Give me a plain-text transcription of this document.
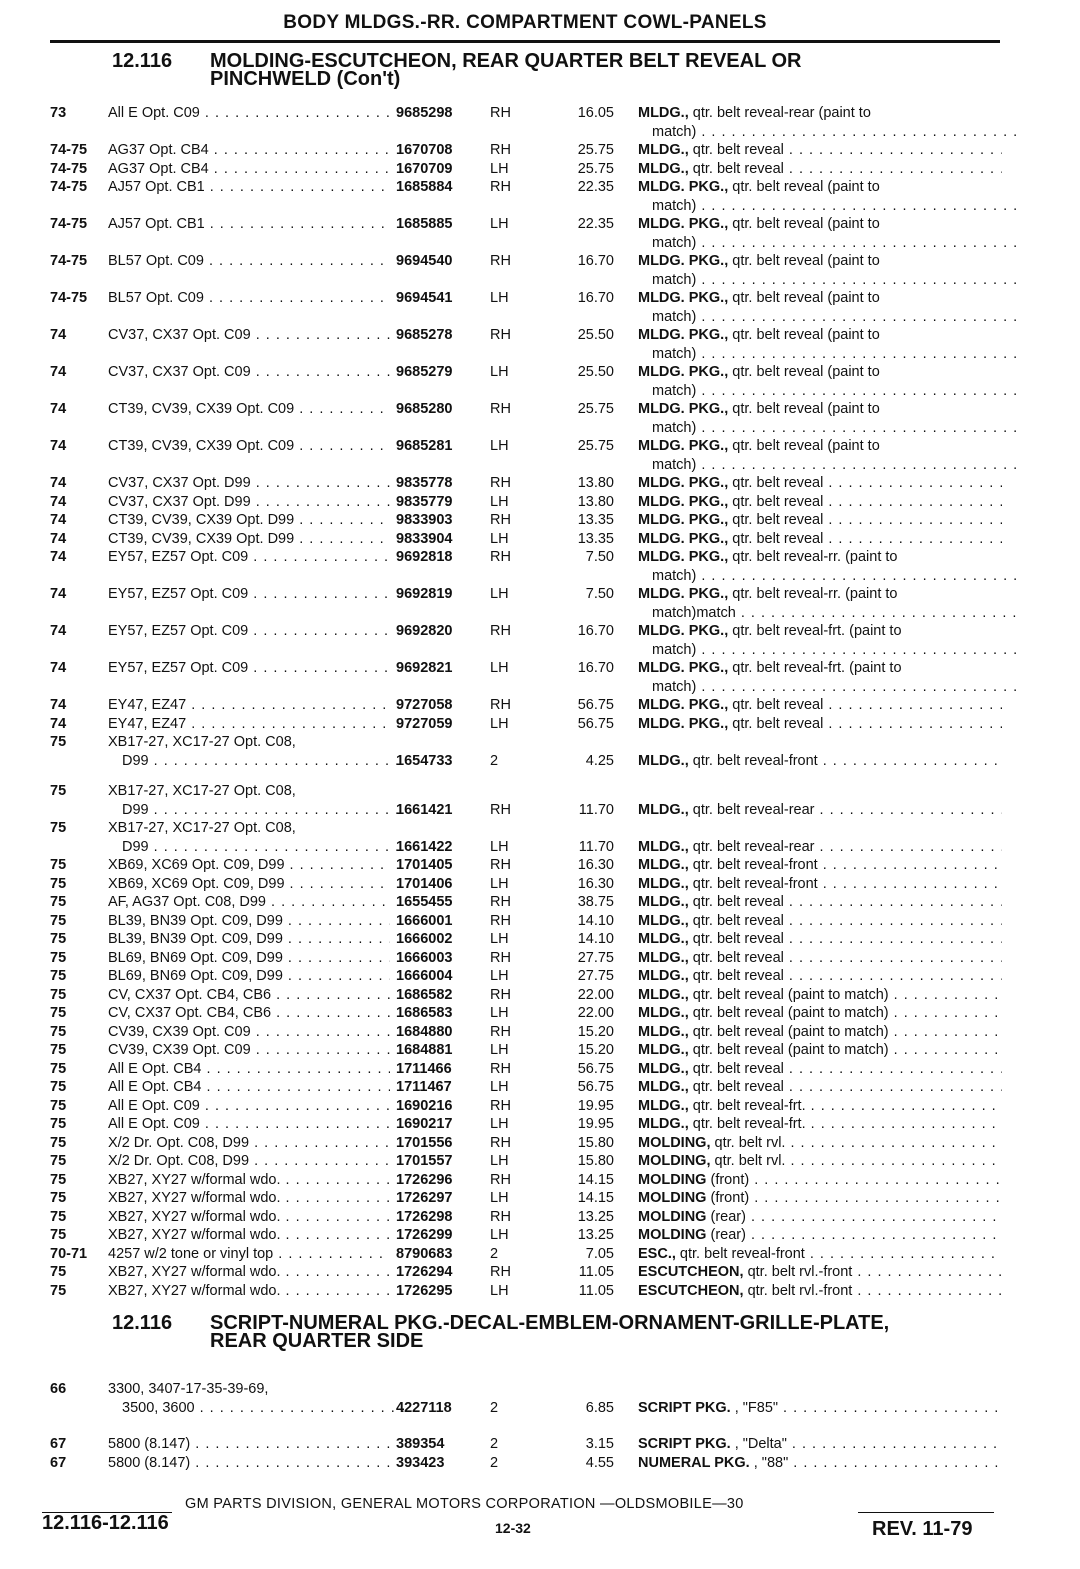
BODY MLDGS.-RR. COMPARTMENT COWL-PANELS
12.116 MOLDING-ESCUTCHEON, REAR QUARTER BELT REVEAL OR
PINCHWELD (Con't)
73	All E Opt. C09 . . .	9685298	RH	16.05 MLDG., qtr. belt reveal-rear (paint to
match) . . .
74-75 AG37 Opt. CB4 . . .	1670708	RH	25.75 MLDG., qtr. belt reveal . . .
74-75 AG37 Opt. CB4 . . .	1670709	LH	25.75 MLDG., qtr. belt reveal . . .
74-75 AJ57 Opt. CB1 . . .	1685884	RH	22.35 MLDG. PKG., qtr. belt reveal (paint to
match) . . .
74-75 AJ57 Opt. CB1 . . .	1685885	LH	22.35 MLDG. PKG., qtr. belt reveal (paint to
match) . . .
74-75 BL57 Opt. C09 . . .	9694540	RH	16.70 MLDG. PKG., qtr. belt reveal (paint to
match) . . .
74-75 BL57 Opt. C09 . . .	9694541	LH	16.70 MLDG. PKG., qtr. belt reveal (paint to
match) . . .
74	CV37, CX37 Opt. C09 . . .	9685278	RH	25.50 MLDG. PKG., qtr. belt reveal (paint to
match) . . .
74	CV37, CX37 Opt. C09 . . .	9685279	LH	25.50 MLDG. PKG., qtr. belt reveal (paint to
match) . . .
74	CT39, CV39, CX39 Opt. C09 . . .	9685280	RH	25.75 MLDG. PKG., qtr. belt reveal (paint to
match) . . .
74	CT39, CV39, CX39 Opt. C09 . . .	9685281	LH	25.75 MLDG. PKG., qtr. belt reveal (paint to
match) . . .
74	CV37, CX37 Opt. D99 . . .	9835778	RH	13.80 MLDG. PKG., qtr. belt reveal . . .
74	CV37, CX37 Opt. D99 . . .	9835779	LH	13.80 MLDG. PKG., qtr. belt reveal . . .
74	CT39, CV39, CX39 Opt. D99 . . .	9833903	RH	13.35 MLDG. PKG., qtr. belt reveal . . .
74	CT39, CV39, CX39 Opt. D99 . . .	9833904	LH	13.35 MLDG. PKG., qtr. belt reveal . . .
74	EY57, EZ57 Opt. C09 . . .	9692818	RH	7.50 MLDG. PKG., qtr. belt reveal-rr. (paint to
match) . . .
74	EY57, EZ57 Opt. C09 . . .	9692819	LH	7.50 MLDG. PKG., qtr. belt reveal-rr. (paint to
match)match . . .
74	EY57, EZ57 Opt. C09 . . .	9692820	RH	16.70 MLDG. PKG., qtr. belt reveal-frt. (paint to
match) . . .
74	EY57, EZ57 Opt. C09 . . .	9692821	LH	16.70 MLDG. PKG., qtr. belt reveal-frt. (paint to
match) . . .
74	EY47, EZ47 . . .	9727058	RH	56.75 MLDG. PKG., qtr. belt reveal . . .
74	EY47, EZ47 . . .	9727059	LH	56.75 MLDG. PKG., qtr. belt reveal . . .
75	XB17-27, XC17-27 Opt. C08,
D99 . . .	1654733	2	4.25 MLDG., qtr. belt reveal-front . . .
75	XB17-27, XC17-27 Opt. C08,
D99 . . .	1661421	RH	11.70 MLDG., qtr. belt reveal-rear . . .
75	XB17-27, XC17-27 Opt. C08,
D99 . . .	1661422	LH	11.70 MLDG., qtr. belt reveal-rear . . .
75	XB69, XC69 Opt. C09, D99 . . .	1701405	RH	16.30 MLDG., qtr. belt reveal-front . . .
75	XB69, XC69 Opt. C09, D99 . . .	1701406	LH	16.30 MLDG., qtr. belt reveal-front . . .
75	AF, AG37 Opt. C08, D99 . . .	1655455	RH	38.75 MLDG., qtr. belt reveal . . .
75	BL39, BN39 Opt. C09, D99 . . .	1666001	RH	14.10 MLDG., qtr. belt reveal . . .
75	BL39, BN39 Opt. C09, D99 . . .	1666002	LH	14.10 MLDG., qtr. belt reveal . . .
75	BL69, BN69 Opt. C09, D99 . . .	1666003	RH	27.75 MLDG., qtr. belt reveal . . .
75	BL69, BN69 Opt. C09, D99 . . .	1666004	LH	27.75 MLDG., qtr. belt reveal . . .
75	CV, CX37 Opt. CB4, CB6 . . .	1686582	RH	22.00 MLDG., qtr. belt reveal (paint to match) . . .
75	CV, CX37 Opt. CB4, CB6 . . .	1686583	LH	22.00 MLDG., qtr. belt reveal (paint to match) . . .
75	CV39, CX39 Opt. C09 . . .	1684880	RH	15.20 MLDG., qtr. belt reveal (paint to match) . . .
75	CV39, CX39 Opt. C09 . . .	1684881	LH	15.20 MLDG., qtr. belt reveal (paint to match) . . .
75	All E Opt. CB4 . . .	1711466	RH	56.75 MLDG., qtr. belt reveal . . .
75	All E Opt. CB4 . . .	1711467	LH	56.75 MLDG., qtr. belt reveal . . .
75	All E Opt. C09 . . .	1690216	RH	19.95 MLDG., qtr. belt reveal-frt. . . .
75	All E Opt. C09 . . .	1690217	LH	19.95 MLDG., qtr. belt reveal-frt. . . .
75	X/2 Dr. Opt. C08, D99 . . .	1701556	RH	15.80 MOLDING, qtr. belt rvl. . . .
75	X/2 Dr. Opt. C08, D99 . . .	1701557	LH	15.80 MOLDING, qtr. belt rvl. . . .
75	XB27, XY27 w/formal wdo. . . .	1726296	RH	14.15 MOLDING (front) . . .
75	XB27, XY27 w/formal wdo. . . .	1726297	LH	14.15 MOLDING (front) . . .
75	XB27, XY27 w/formal wdo. . . .	1726298	RH	13.25 MOLDING (rear) . . .
75	XB27, XY27 w/formal wdo. . . .	1726299	LH	13.25 MOLDING (rear) . . .
70-71 4257 w/2 tone or vinyl top . . .	8790683	2	7.05 ESC., qtr. belt reveal-front . . .
75	XB27, XY27 w/formal wdo. . . .	1726294	RH	11.05 ESCUTCHEON, qtr. belt rvl.-front . . .
75	XB27, XY27 w/formal wdo. . . .	1726295	LH	11.05 ESCUTCHEON, qtr. belt rvl.-front . . .
12.116 SCRIPT-NUMERAL PKG.-DECAL-EMBLEM-ORNAMENT-GRILLE-PLATE,
REAR QUARTER SIDE
66	3300, 3407-17-35-39-69,
3500, 3600 . . .	4227118	2	6.85 SCRIPT PKG. , "F85" . . .
67	5800 (8.147) . . .	389354	2	3.15 SCRIPT PKG. , "Delta" . . .
67	5800 (8.147) . . .	393423	2	4.55 NUMERAL PKG. , "88" . . .
GM PARTS DIVISION, GENERAL MOTORS CORPORATION —OLDSMOBILE—30
12.116-12.116	12-32	REV. 11-79
